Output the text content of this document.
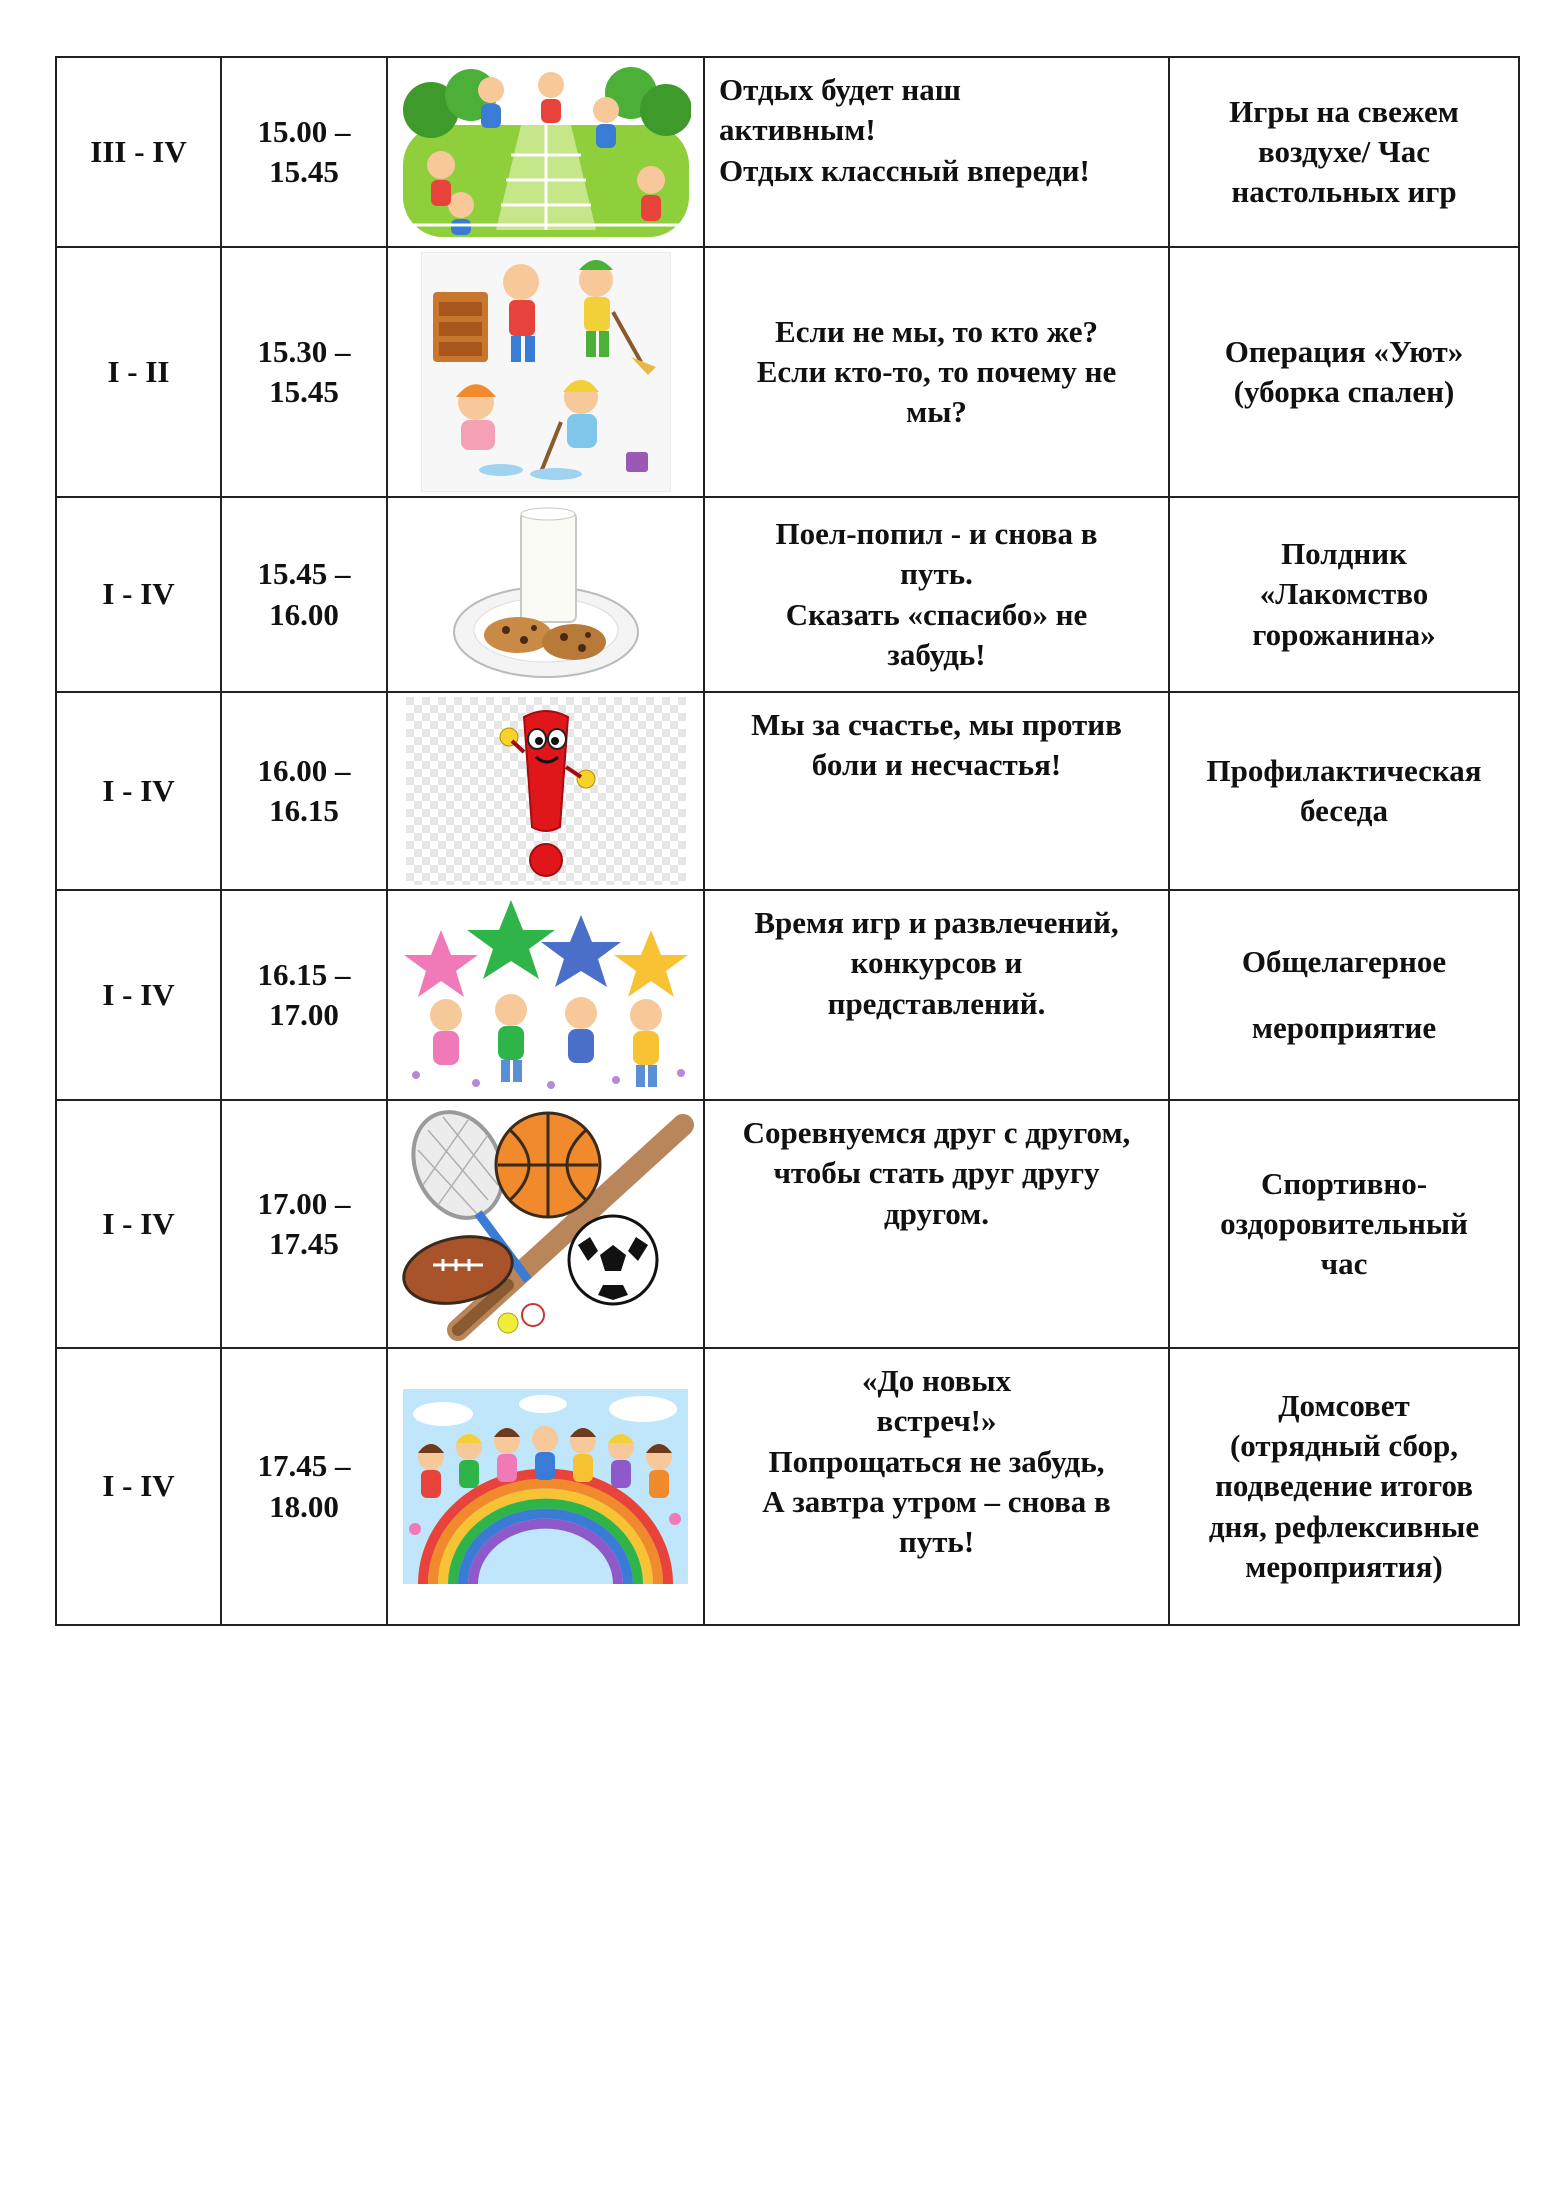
III - IV	15.00 –
15.45		Отдых будет наш
активным!
Отдых классный впереди!	Игры на свежем
воздухе/ Час
настольных игр

I - II	15.30 –
15.45		Если не мы, то кто же?
Если кто-то, то почему не
мы?	Операция «Уют»
(уборка спален)

I - IV	15.45 –
16.00		Поел-попил - и снова в
путь.
Сказать «спасибо» не
забудь!	Полдник
«Лакомство
горожанина»

I - IV	16.00 –
16.15		Мы за счастье, мы против
боли и несчастья!	Профилактическая
беседа

I - IV	16.15 –
17.00		Время игр и развлечений,
конкурсов и
представлений.	Общелагерное
мероприятие

I - IV	17.00 –
17.45		Соревнуемся друг с другом,
чтобы стать друг другу
другом.	Спортивно-
оздоровительный
час

I - IV	17.45 –
18.00		«До новых
встреч!»
Попрощаться не забудь,
А завтра утром – снова в
путь!	Домсовет
(отрядный сбор,
подведение итогов
дня, рефлексивные
мероприятия)
